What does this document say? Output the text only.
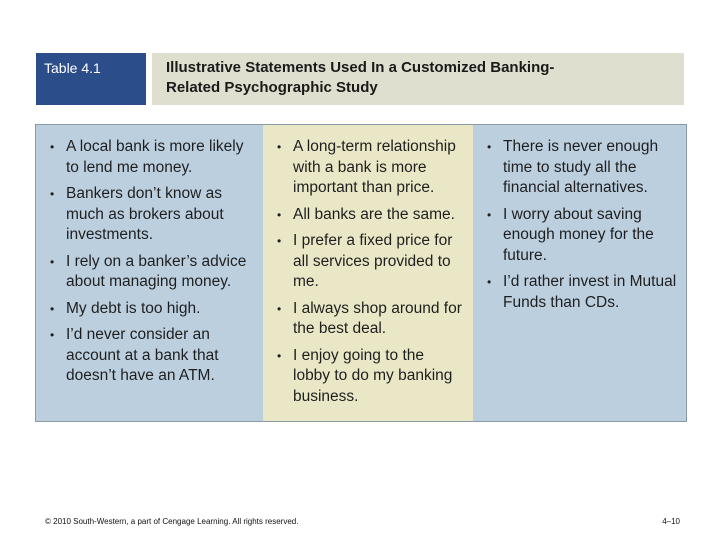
Table 4.1	Illustrative Statements Used In a Customized Banking-
Related Psychographic Study
• A local bank is more likely to lend me money.
• Bankers don’t know as much as brokers about investments.
• I rely on a banker’s advice about managing money.
• My debt is too high.
• I’d never consider an account at a bank that doesn’t have an ATM.
• A long-term relationship with a bank is more important than price.
• All banks are the same.
• I prefer a fixed price for all services provided to me.
• I always shop around for the best deal.
• I enjoy going to the lobby to do my banking business.
• There is never enough time to study all the financial alternatives.
• I worry about saving enough money for the future.
• I’d rather invest in Mutual Funds than CDs.
© 2010 South-Western, a part of Cengage Learning. All rights reserved.	4–10
